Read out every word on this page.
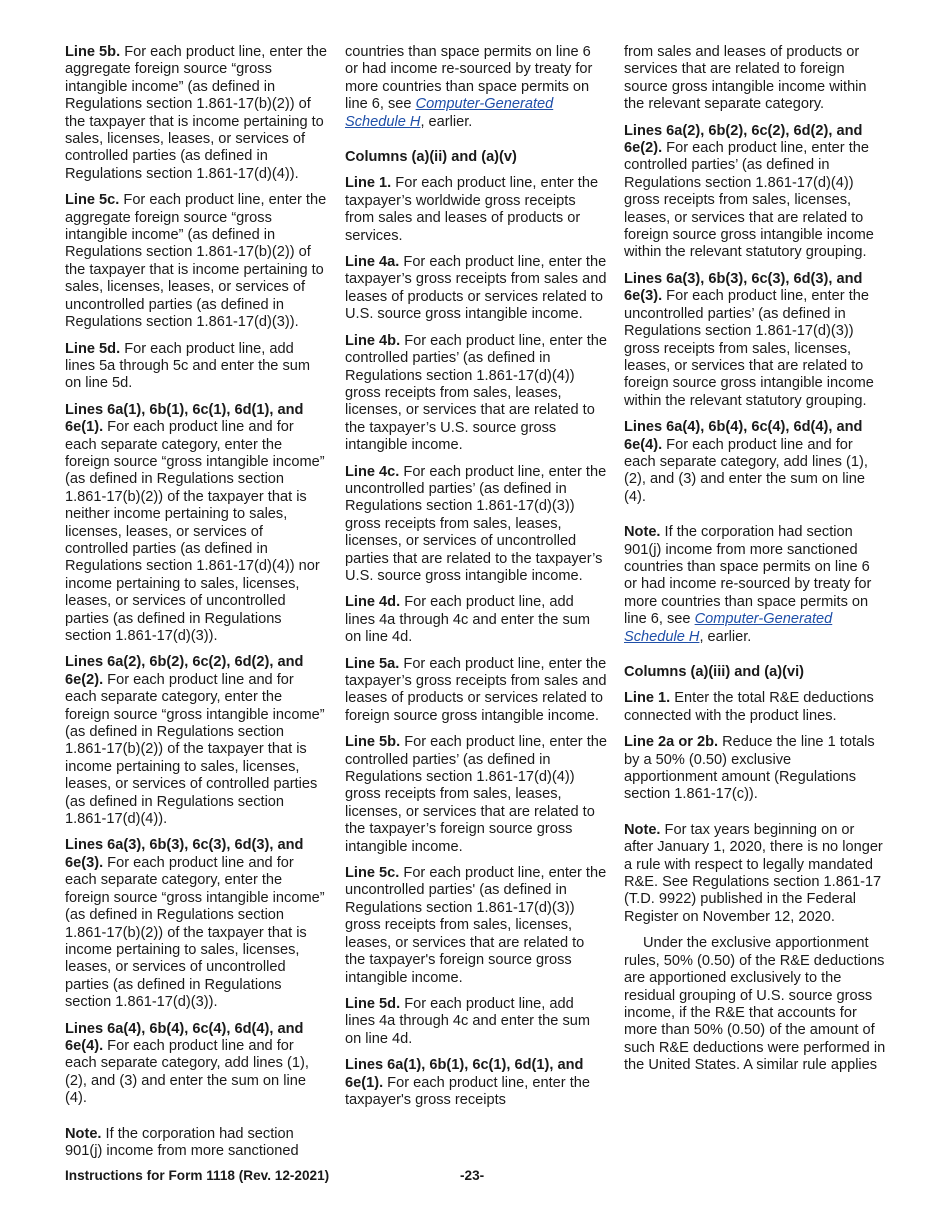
Line 5b. For each product line, enter the aggregate foreign source “gross intangible income” (as defined in Regulations section 1.861-17(b)(2)) of the taxpayer that is income pertaining to sales, licenses, leases, or services of controlled parties (as defined in Regulations section 1.861-17(d)(4)).

Line 5c. For each product line, enter the aggregate foreign source “gross intangible income” (as defined in Regulations section 1.861-17(b)(2)) of the taxpayer that is income pertaining to sales, licenses, leases, or services of uncontrolled parties (as defined in Regulations section 1.861-17(d)(3)).

Line 5d. For each product line, add lines 5a through 5c and enter the sum on line 5d.

Lines 6a(1), 6b(1), 6c(1), 6d(1), and 6e(1). For each product line and for each separate category, enter the foreign source “gross intangible income” (as defined in Regulations section 1.861-17(b)(2)) of the taxpayer that is neither income pertaining to sales, licenses, leases, or services of controlled parties (as defined in Regulations section 1.861-17(d)(4)) nor income pertaining to sales, licenses, leases, or services of uncontrolled parties (as defined in Regulations section 1.861-17(d)(3)).

Lines 6a(2), 6b(2), 6c(2), 6d(2), and 6e(2). For each product line and for each separate category, enter the foreign source “gross intangible income” (as defined in Regulations section 1.861-17(b)(2)) of the taxpayer that is income pertaining to sales, licenses, leases, or services of controlled parties (as defined in Regulations section 1.861-17(d)(4)).

Lines 6a(3), 6b(3), 6c(3), 6d(3), and 6e(3). For each product line and for each separate category, enter the foreign source “gross intangible income” (as defined in Regulations section 1.861-17(b)(2)) of the taxpayer that is income pertaining to sales, licenses, leases, or services of uncontrolled parties (as defined in Regulations section 1.861-17(d)(3)).

Lines 6a(4), 6b(4), 6c(4), 6d(4), and 6e(4). For each product line and for each separate category, add lines (1), (2), and (3) and enter the sum on line (4).

Note. If the corporation had section 901(j) income from more sanctioned

countries than space permits on line 6 or had income re-sourced by treaty for more countries than space permits on line 6, see Computer-Generated Schedule H, earlier.

Columns (a)(ii) and (a)(v)

Line 1. For each product line, enter the taxpayer’s worldwide gross receipts from sales and leases of products or services.

Line 4a. For each product line, enter the taxpayer’s gross receipts from sales and leases of products or services related to U.S. source gross intangible income.

Line 4b. For each product line, enter the controlled parties’ (as defined in Regulations section 1.861-17(d)(4)) gross receipts from sales, leases, licenses, or services that are related to the taxpayer’s U.S. source gross intangible income.

Line 4c. For each product line, enter the uncontrolled parties’ (as defined in Regulations section 1.861-17(d)(3)) gross receipts from sales, leases, licenses, or services of uncontrolled parties that are related to the taxpayer’s U.S. source gross intangible income.

Line 4d. For each product line, add lines 4a through 4c and enter the sum on line 4d.

Line 5a. For each product line, enter the taxpayer’s gross receipts from sales and leases of products or services related to foreign source gross intangible income.

Line 5b. For each product line, enter the controlled parties’ (as defined in Regulations section 1.861-17(d)(4)) gross receipts from sales, leases, licenses, or services that are related to the taxpayer’s foreign source gross intangible income.

Line 5c. For each product line, enter the uncontrolled parties' (as defined in Regulations section 1.861-17(d)(3)) gross receipts from sales, licenses, leases, or services that are related to the taxpayer's foreign source gross intangible income.

Line 5d. For each product line, add lines 4a through 4c and enter the sum on line 4d.

Lines 6a(1), 6b(1), 6c(1), 6d(1), and 6e(1). For each product line, enter the taxpayer's gross receipts

from sales and leases of products or services that are related to foreign source gross intangible income within the relevant separate category.

Lines 6a(2), 6b(2), 6c(2), 6d(2), and 6e(2). For each product line, enter the controlled parties’ (as defined in Regulations section 1.861-17(d)(4)) gross receipts from sales, licenses, leases, or services that are related to foreign source gross intangible income within the relevant statutory grouping.

Lines 6a(3), 6b(3), 6c(3), 6d(3), and 6e(3). For each product line, enter the uncontrolled parties’ (as defined in Regulations section 1.861-17(d)(3)) gross receipts from sales, licenses, leases, or services that are related to foreign source gross intangible income within the relevant statutory grouping.

Lines 6a(4), 6b(4), 6c(4), 6d(4), and 6e(4). For each product line and for each separate category, add lines (1), (2), and (3) and enter the sum on line (4).

Note. If the corporation had section 901(j) income from more sanctioned countries than space permits on line 6 or had income re-sourced by treaty for more countries than space permits on line 6, see Computer-Generated Schedule H, earlier.

Columns (a)(iii) and (a)(vi)

Line 1. Enter the total R&E deductions connected with the product lines.

Line 2a or 2b. Reduce the line 1 totals by a 50% (0.50) exclusive apportionment amount (Regulations section 1.861-17(c)).

Note. For tax years beginning on or after January 1, 2020, there is no longer a rule with respect to legally mandated R&E. See Regulations section 1.861-17 (T.D. 9922) published in the Federal Register on November 12, 2020.

Under the exclusive apportionment rules, 50% (0.50) of the R&E deductions are apportioned exclusively to the residual grouping of U.S. source gross income, if the R&E that accounts for more than 50% (0.50) of the amount of such R&E deductions were performed in the United States. A similar rule applies

Instructions for Form 1118 (Rev. 12-2021)	-23-
